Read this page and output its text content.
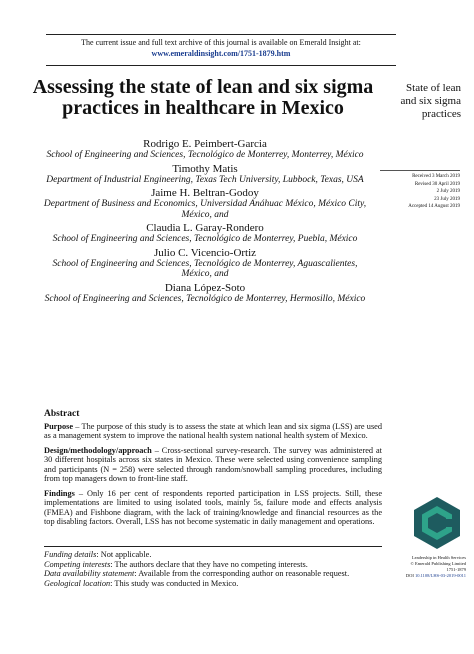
The current issue and full text archive of this journal is available on Emerald Insight at:
www.emeraldinsight.com/1751-1879.htm
Assessing the state of lean and six sigma practices in healthcare in Mexico
State of lean and six sigma practices
Received 3 March 2019
Revised 30 April 2019
2 July 2019
23 July 2019
Accepted 14 August 2019
Rodrigo E. Peimbert-Garcia
School of Engineering and Sciences, Tecnológico de Monterrey, Monterrey, México
Timothy Matis
Department of Industrial Engineering, Texas Tech University, Lubbock, Texas, USA
Jaime H. Beltran-Godoy
Department of Business and Economics, Universidad Anáhuac México, México City, México, and
Claudia L. Garay-Rondero
School of Engineering and Sciences, Tecnológico de Monterrey, Puebla, México
Julio C. Vicencio-Ortiz
School of Engineering and Sciences, Tecnológico de Monterrey, Aguascalientes, México, and
Diana López-Soto
School of Engineering and Sciences, Tecnológico de Monterrey, Hermosillo, México
Abstract

Purpose – The purpose of this study is to assess the state at which lean and six sigma (LSS) are used as a management system to improve the national health system national health system of Mexico.

Design/methodology/approach – Cross-sectional survey-research. The survey was administered at 30 different hospitals across six states in Mexico. These were selected using convenience sampling and participants (N = 258) were selected through random/snowball sampling procedures, including from top managers down to front-line staff.

Findings – Only 16 per cent of respondents reported participation in LSS projects. Still, these implementations are limited to using isolated tools, mainly 5s, failure mode and effects analysis (FMEA) and Fishbone diagram, with the lack of training/knowledge and financial resources as the top disabling factors. Overall, LSS has not become systematic in daily management and operations.

Funding details: Not applicable.
Competing interests: The authors declare that they have no competing interests.
Data availability statement: Available from the corresponding author on reasonable request.
Geological location: This study was conducted in Mexico.
Leadership in Health Services
© Emerald Publishing Limited
1751-1879
DOI 10.1108/LHS-03-2019-0011
